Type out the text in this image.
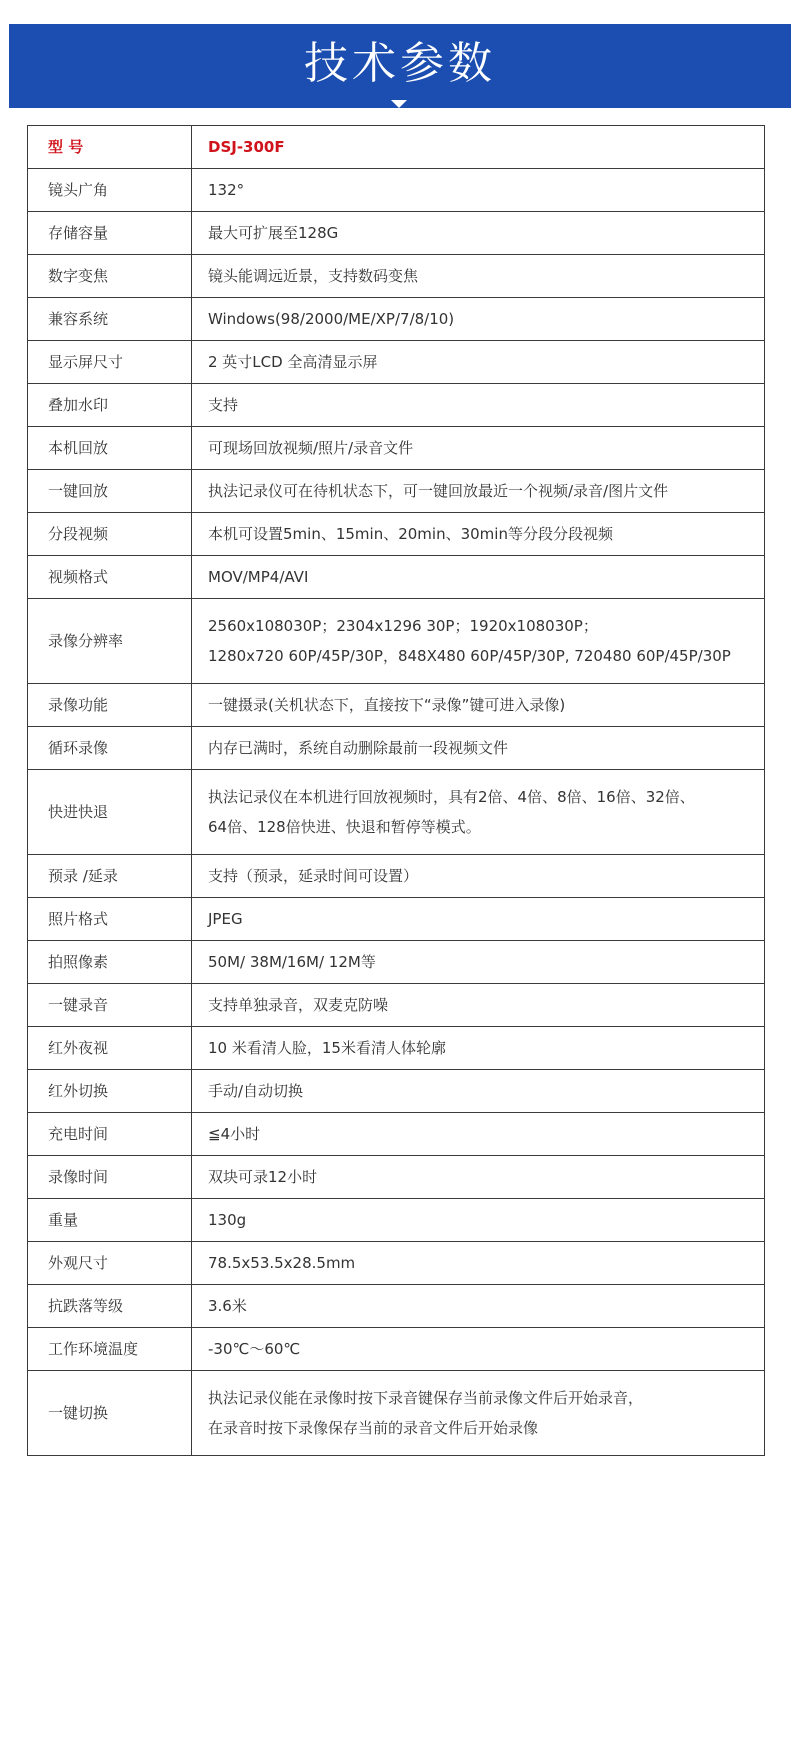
技术参数
型 号	DSJ-300F
镜头广角	132°

存储容量	最大可扩展至128G

数字变焦	镜头能调远近景，支持数码变焦

兼容系统	Windows(98/2000/ME/XP/7/8/10)

显示屏尺寸	2 英寸LCD 全高清显示屏

叠加水印	支持

本机回放	可现场回放视频/照片/录音文件

一键回放	执法记录仪可在待机状态下，可一键回放最近一个视频/录音/图片文件

分段视频	本机可设置5min、15min、20min、30min等分段分段视频

视频格式	MOV/MP4/AVI

录像分辨率	2560x108030P；2304x1296 30P；1920x108030P；
1280x720 60P/45P/30P，848X480 60P/45P/30P, 720480 60P/45P/30P

录像功能	一键摄录(关机状态下，直接按下“录像”键可进入录像)

循环录像	内存已满时，系统自动删除最前一段视频文件

快进快退	执法记录仪在本机进行回放视频时，具有2倍、4倍、8倍、16倍、32倍、
64倍、128倍快进、快退和暂停等模式。

预录 /延录	支持（预录，延录时间可设置）

照片格式	JPEG

拍照像素	50M/ 38M/16M/ 12M等

一键录音	支持单独录音，双麦克防噪

红外夜视	10 米看清人脸，15米看清人体轮廓

红外切换	手动/自动切换

充电时间	≦4小时

录像时间	双块可录12小时

重量	130g

外观尺寸	78.5x53.5x28.5mm

抗跌落等级	3.6米

工作环境温度	-30℃～60℃

一键切换	执法记录仪能在录像时按下录音键保存当前录像文件后开始录音，
在录音时按下录像保存当前的录音文件后开始录像
